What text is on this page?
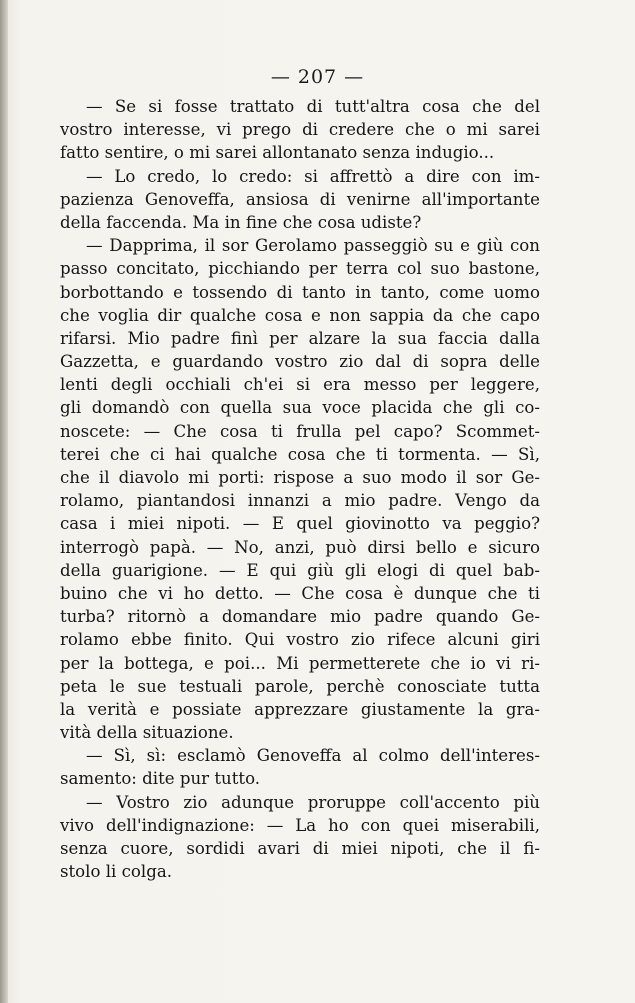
— 207 —
— Se si fosse trattato di tutt'altra cosa che del
vostro interesse, vi prego di credere che o mi sarei
fatto sentire, o mi sarei allontanato senza indugio...
— Lo credo, lo credo: si affrettò a dire con im-
pazienza Genoveffa, ansiosa di venirne all'importante
della faccenda. Ma in fine che cosa udiste?
— Dapprima, il sor Gerolamo passeggiò su e giù con
passo concitato, picchiando per terra col suo bastone,
borbottando e tossendo di tanto in tanto, come uomo
che voglia dir qualche cosa e non sappia da che capo
rifarsi. Mio padre finì per alzare la sua faccia dalla
Gazzetta, e guardando vostro zio dal di sopra delle
lenti degli occhiali ch'ei si era messo per leggere,
gli domandò con quella sua voce placida che gli co-
noscete: — Che cosa ti frulla pel capo? Scommet-
terei che ci hai qualche cosa che ti tormenta. — Sì,
che il diavolo mi porti: rispose a suo modo il sor Ge-
rolamo, piantandosi innanzi a mio padre. Vengo da
casa i miei nipoti. — E quel giovinotto va peggio?
interrogò papà. — No, anzi, può dirsi bello e sicuro
della guarigione. — E qui giù gli elogi di quel bab-
buino che vi ho detto. — Che cosa è dunque che ti
turba? ritornò a domandare mio padre quando Ge-
rolamo ebbe finito. Qui vostro zio rifece alcuni giri
per la bottega, e poi... Mi permetterete che io vi ri-
peta le sue testuali parole, perchè conosciate tutta
la verità e possiate apprezzare giustamente la gra-
vità della situazione.
— Sì, sì: esclamò Genoveffa al colmo dell'interes-
samento: dite pur tutto.
— Vostro zio adunque proruppe coll'accento più
vivo dell'indignazione: — La ho con quei miserabili,
senza cuore, sordidi avari di miei nipoti, che il fi-
stolo li colga.
